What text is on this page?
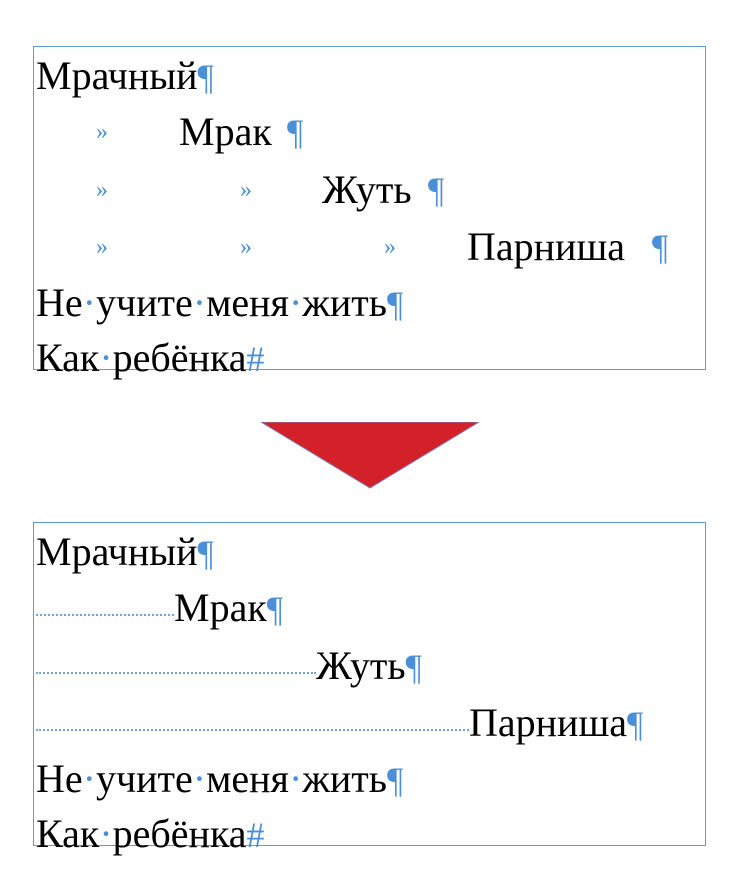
Мрачный¶
» Мрак ¶
»	» Жуть ¶
»	»	» Парниша ¶
Не·учите·меня·жить¶
Как·ребёнка#
Мрачный¶
Мрак¶
Жуть¶
Парниша¶
Не·учите·меня·жить¶
Как·ребёнка#
